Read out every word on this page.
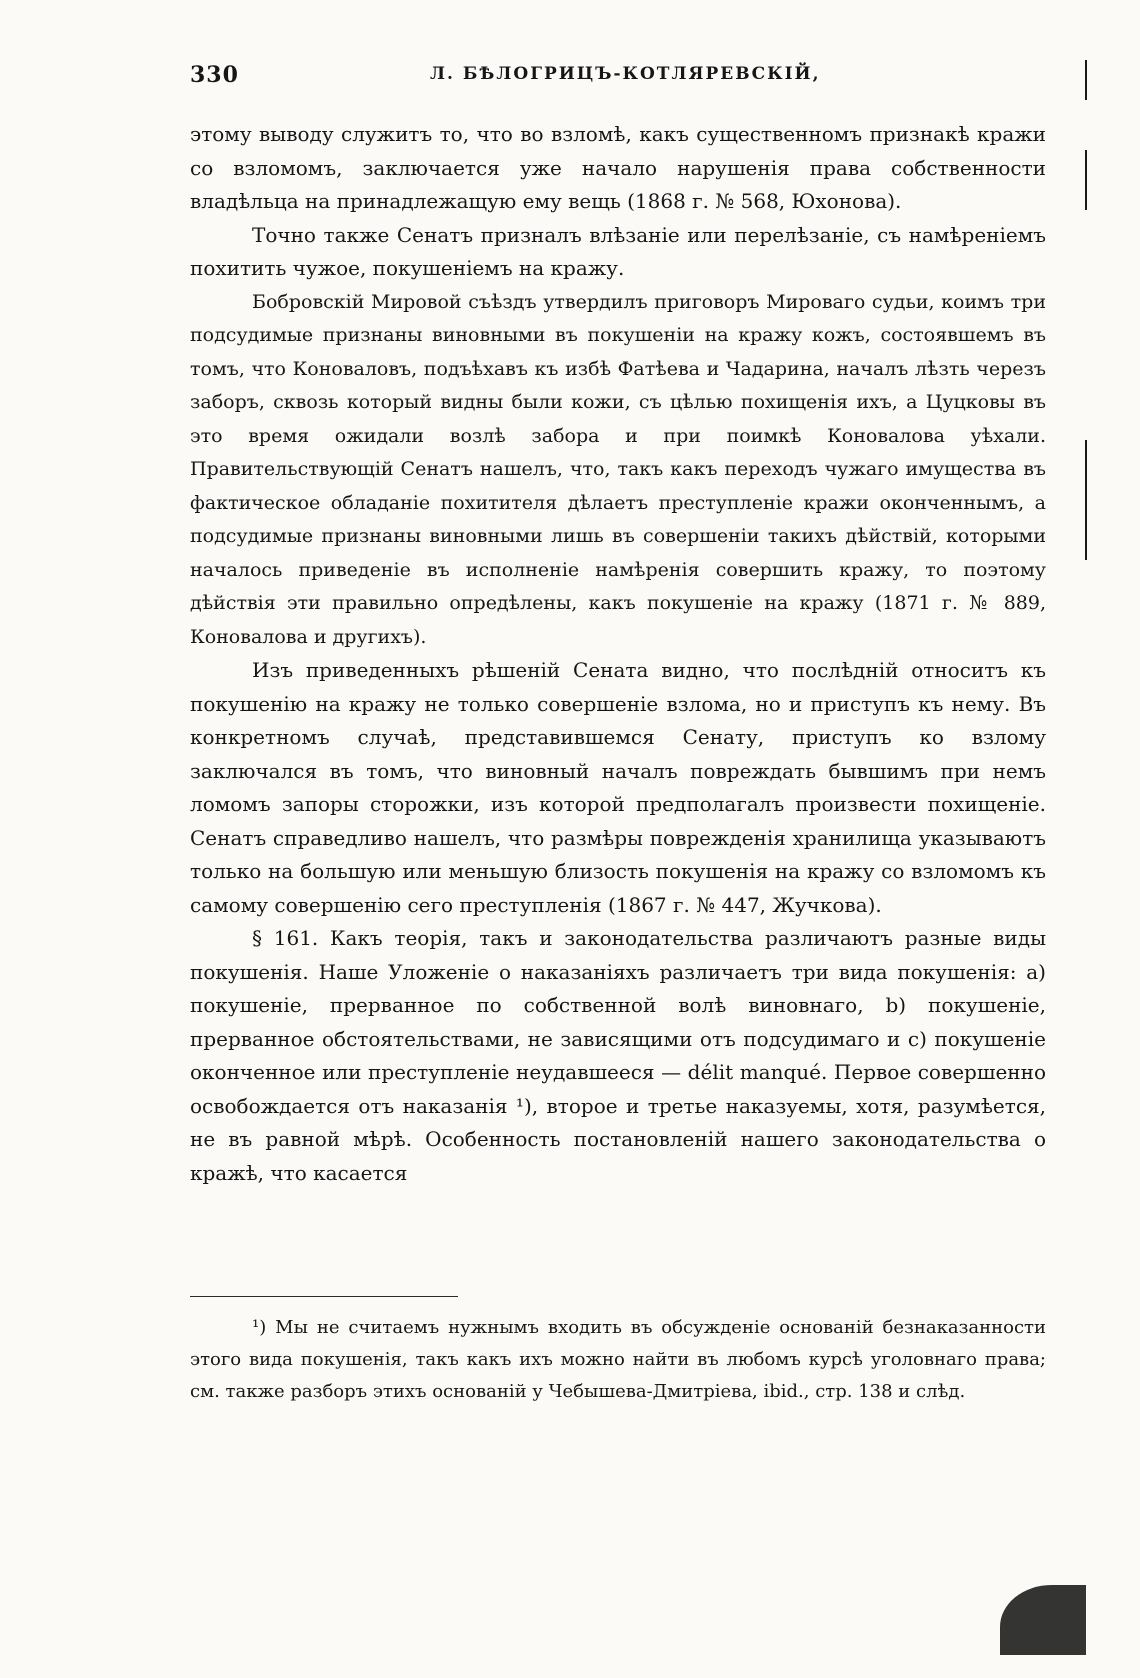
330	Л. БѢЛОГРИЦЪ-КОТЛЯРЕВСКІЙ,

этому выводу служитъ то, что во взломѣ, какъ существенномъ признакѣ кражи со взломомъ, заключается уже начало нарушенія права собственности владѣльца на принадлежащую ему вещь (1868 г. № 568, Юхонова).

Точно также Сенатъ призналъ влѣзаніе или перелѣзаніе, съ намѣреніемъ похитить чужое, покушеніемъ на кражу.

Бобровскій Мировой съѣздъ утвердилъ приговоръ Мироваго судьи, коимъ три подсудимые признаны виновными въ покушеніи на кражу кожъ, состоявшемъ въ томъ, что Коноваловъ, подъѣхавъ къ избѣ Фатѣева и Чадарина, началъ лѣзть черезъ заборъ, сквозь который видны были кожи, съ цѣлью похищенія ихъ, а Цуцковы въ это время ожидали возлѣ забора и при поимкѣ Коновалова уѣхали. Правительствующій Сенатъ нашелъ, что, такъ какъ переходъ чужаго имущества въ фактическое обладаніе похитителя дѣлаетъ преступленіе кражи оконченнымъ, а подсудимые признаны виновными лишь въ совершеніи такихъ дѣйствій, которыми началось приведеніе въ исполненіе намѣренія совершить кражу, то поэтому дѣйствія эти правильно опредѣлены, какъ покушеніе на кражу (1871 г. № 889, Коновалова и другихъ).

Изъ приведенныхъ рѣшеній Сената видно, что послѣдній относитъ къ покушенію на кражу не только совершеніе взлома, но и приступъ къ нему. Въ конкретномъ случаѣ, представившемся Сенату, приступъ ко взлому заключался въ томъ, что виновный началъ повреждать бывшимъ при немъ ломомъ запоры сторожки, изъ которой предполагалъ произвести похищеніе. Сенатъ справедливо нашелъ, что размѣры поврежденія хранилища указываютъ только на большую или меньшую близость покушенія на кражу со взломомъ къ самому совершенію сего преступленія (1867 г. № 447, Жучкова).

§ 161. Какъ теорія, такъ и законодательства различаютъ разные виды покушенія. Наше Уложеніе о наказаніяхъ различаетъ три вида покушенія: a) покушеніе, прерванное по собственной волѣ виновнаго, b) покушеніе, прерванное обстоятельствами, не зависящими отъ подсудимаго и c) покушеніе оконченное или преступленіе неудавшееся — délit manqué. Первое совершенно освобождается отъ наказанія ¹), второе и третье наказуемы, хотя, разумѣется, не въ равной мѣрѣ. Особенность постановленій нашего законодательства о кражѣ, что касается

¹) Мы не считаемъ нужнымъ входить въ обсужденіе основаній безнаказанности этого вида покушенія, такъ какъ ихъ можно найти въ любомъ курсѣ уголовнаго права; см. также разборъ этихъ основаній у Чебышева-Дмитріева, ibid., стр. 138 и слѣд.
